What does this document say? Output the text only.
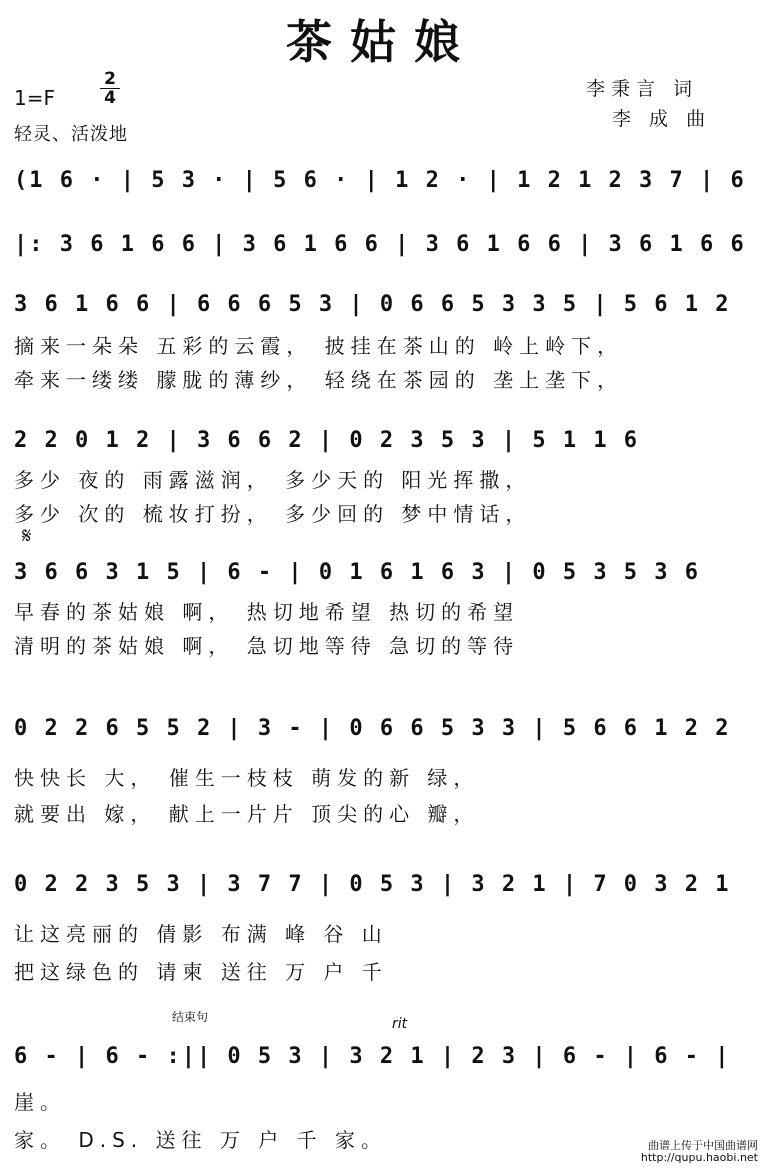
茶姑娘
1=F
2
4
轻灵、活泼地
李秉言 词
李 成 曲
(1 6 · | 5 3 · | 5 6 · | 1 2 · | 1 2 1 2 3 7 | 6
|: 3 6 1 6 6 | 3 6 1 6 6 | 3 6 1 6 6 | 3 6 1 6 6
3 6 1 6 6 | 6 6 6 5 3 | 0 6 6 5 3 3 5 | 5 6 1 2
摘来一朵朵 五彩的云霞， 披挂在茶山的 岭上岭下，
牵来一缕缕 朦胧的薄纱， 轻绕在茶园的 垄上垄下，
2 2 0 1 2 | 3 6 6 2 | 0 2 3 5 3 | 5 1 1 6
多少 夜的 雨露滋润， 多少天的 阳光挥撒，
多少 次的 梳妆打扮， 多少回的 梦中情话，
𝄋
3 6 6 3 1 5 | 6 - | 0 1 6 1 6 3 | 0 5 3 5 3 6
早春的茶姑娘 啊， 热切地希望 热切的希望
清明的茶姑娘 啊， 急切地等待 急切的等待
0 2 2 6 5 5 2 | 3 - | 0 6 6 5 3 3 | 5 6 6 1 2 2
快快长 大， 催生一枝枝 萌发的新 绿，
就要出 嫁， 献上一片片 顶尖的心 瓣，
0 2 2 3 5 3 | 3 7 7 | 0 5 3 | 3 2 1 | 7 0 3 2 1
让这亮丽的 倩影 布满 峰 谷 山
把这绿色的 请柬 送往 万 户 千
结束句	rit
6 - | 6 - :|| 0 5 3 | 3 2 1 | 2 3 | 6 - | 6 - |
崖。
家。 D.S. 送往 万 户 千 家。	曲谱上传于中国曲谱网
http://qupu.haobi.net
